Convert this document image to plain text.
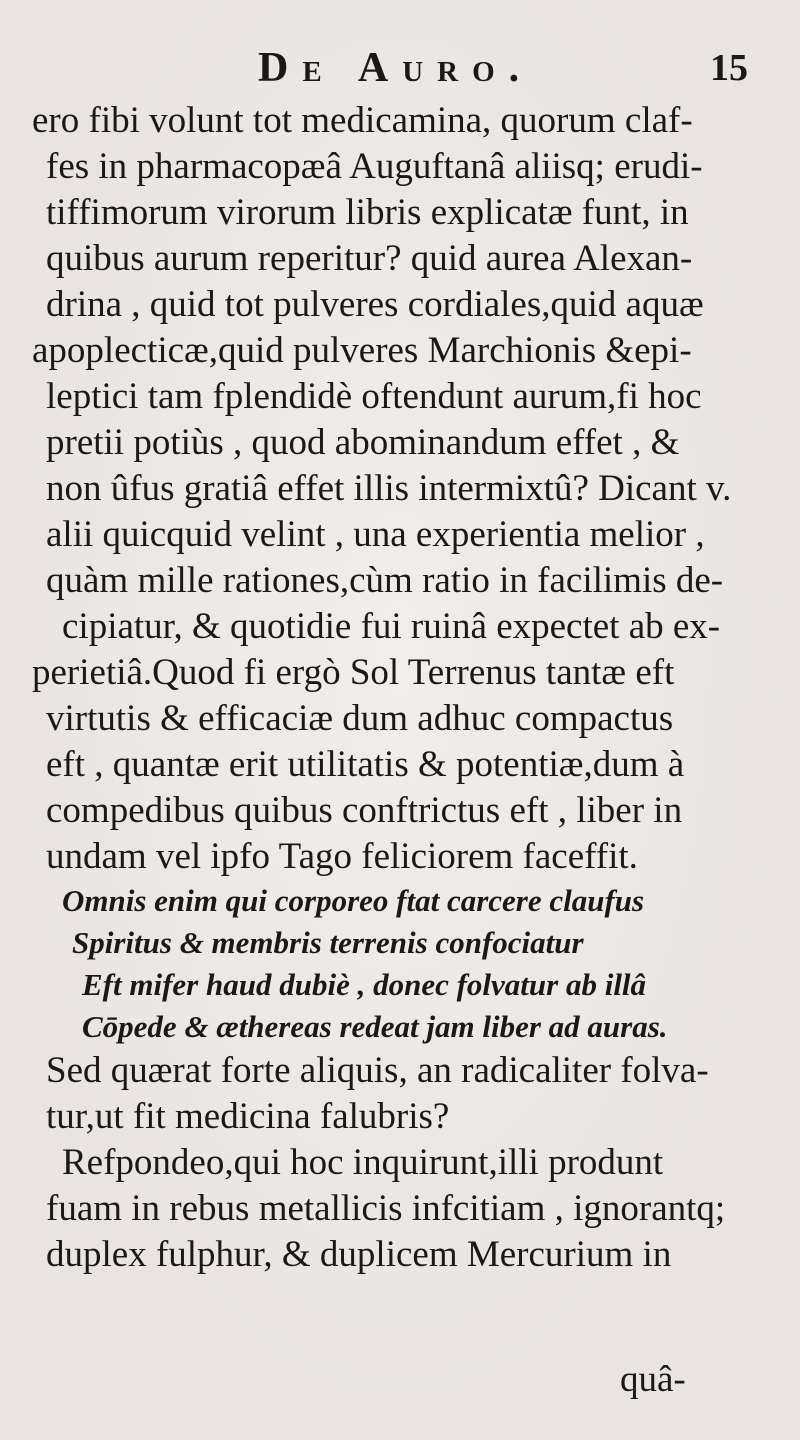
De Auro.	15
ero fibi volunt tot medicamina, quorum claf-
fes in pharmacopæâ Auguftanâ aliisq; erudi-
tiffimorum virorum libris explicatæ funt, in
quibus aurum reperitur? quid aurea Alexan-
drina , quid tot pulveres cordiales,quid aquæ
apoplecticæ,quid pulveres Marchionis &epi-
leptici tam fplendidè oftendunt aurum,fi hoc
pretii potiùs , quod abominandum effet , &
non ûfus gratiâ effet illis intermixtû? Dicant v.
alii quicquid velint , una experientia melior ,
quàm mille rationes,cùm ratio in facilimis de-
cipiatur, & quotidie fui ruinâ expectet ab ex-
perietiâ.Quod fi ergò Sol Terrenus tantæ eft
virtutis & efficaciæ dum adhuc compactus
eft , quantæ erit utilitatis & potentiæ,dum à
compedibus quibus conftrictus eft , liber in
undam vel ipfo Tago feliciorem faceffit.
Omnis enim qui corporeo ftat carcere claufus
Spiritus & membris terrenis confociatur
Eft mifer haud dubiè , donec folvatur ab illâ
Cōpede & æthereas redeat jam liber ad auras.
Sed quærat forte aliquis, an radicaliter folva-
tur,ut fit medicina falubris?
Refpondeo,qui hoc inquirunt,illi produnt
fuam in rebus metallicis infcitiam , ignorantq;
duplex fulphur, & duplicem Mercurium in
quâ-
